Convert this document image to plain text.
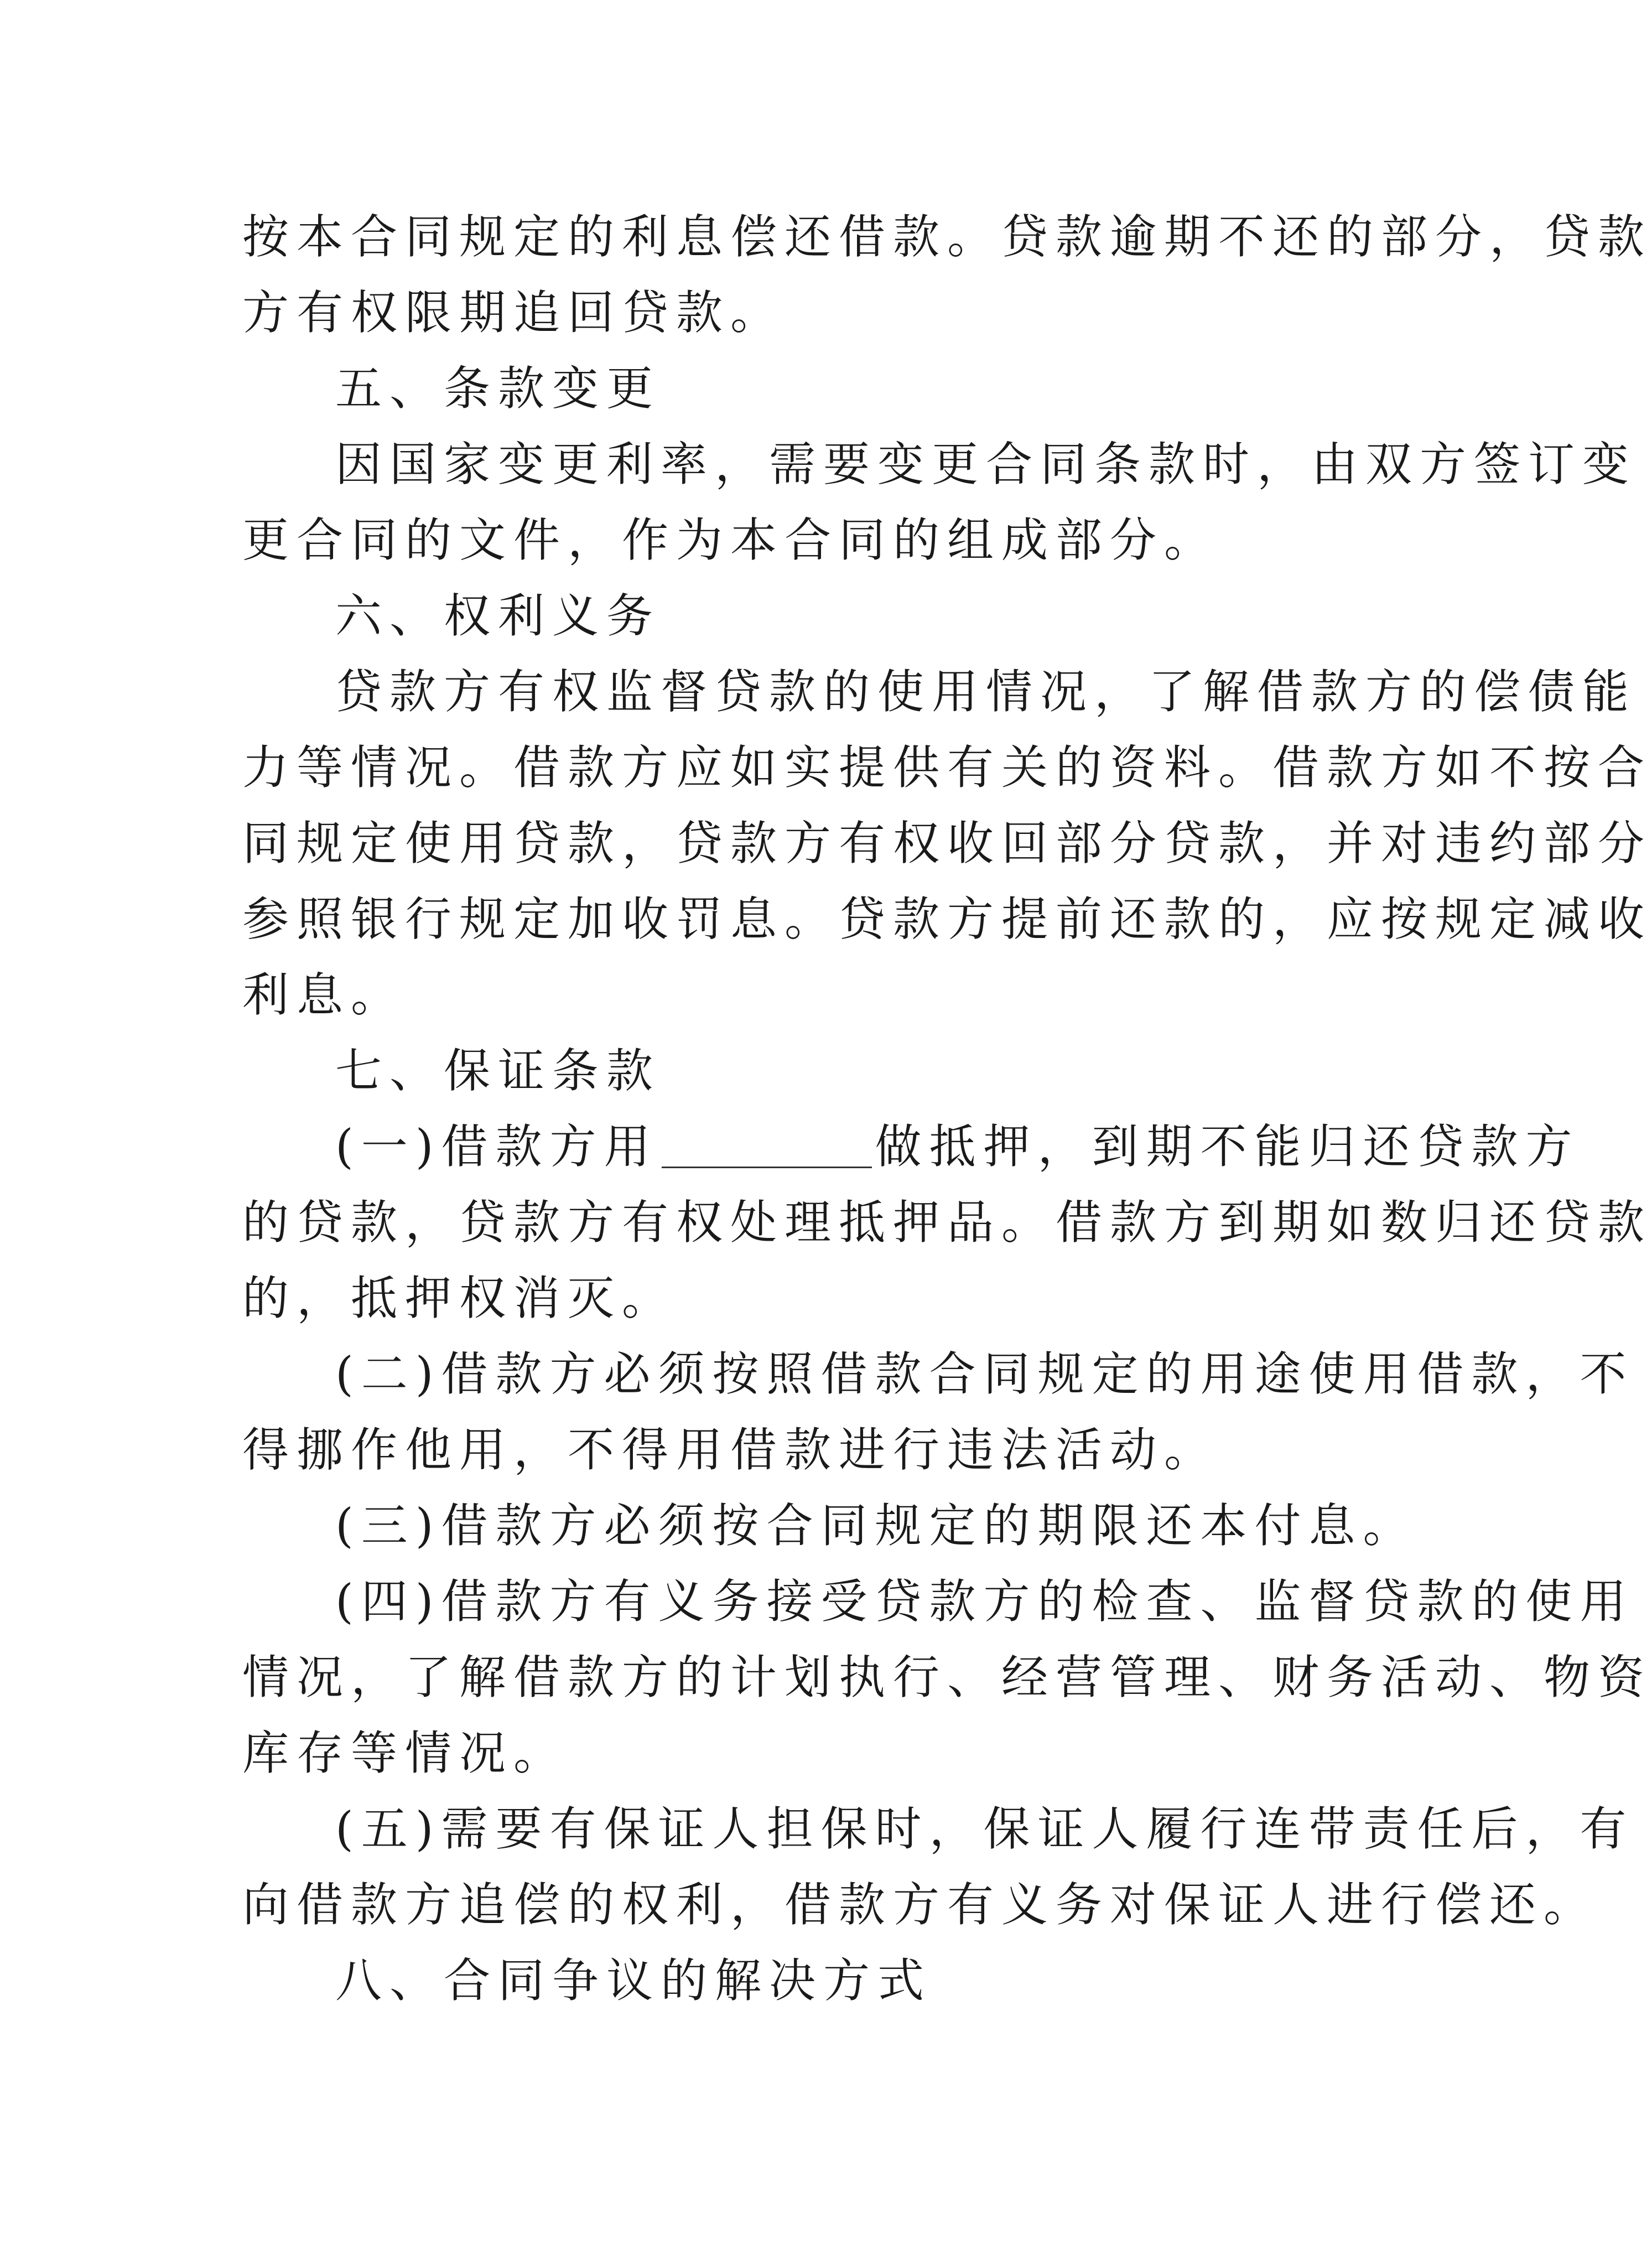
按本合同规定的利息偿还借款。贷款逾期不还的部分，贷款
方有权限期追回贷款。
五、条款变更
因国家变更利率，需要变更合同条款时，由双方签订变
更合同的文件，作为本合同的组成部分。
六、权利义务
贷款方有权监督贷款的使用情况，了解借款方的偿债能
力等情况。借款方应如实提供有关的资料。借款方如不按合
同规定使用贷款，贷款方有权收回部分贷款，并对违约部分
参照银行规定加收罚息。贷款方提前还款的，应按规定减收
利息。
七、保证条款
(一)借款方用	做抵押，到期不能归还贷款方
的贷款，贷款方有权处理抵押品。借款方到期如数归还贷款
的，抵押权消灭。
(二)借款方必须按照借款合同规定的用途使用借款，不
得挪作他用，不得用借款进行违法活动。
(三)借款方必须按合同规定的期限还本付息。
(四)借款方有义务接受贷款方的检查、监督贷款的使用
情况，了解借款方的计划执行、经营管理、财务活动、物资
库存等情况。
(五)需要有保证人担保时，保证人履行连带责任后，有
向借款方追偿的权利，借款方有义务对保证人进行偿还。
八、合同争议的解决方式
